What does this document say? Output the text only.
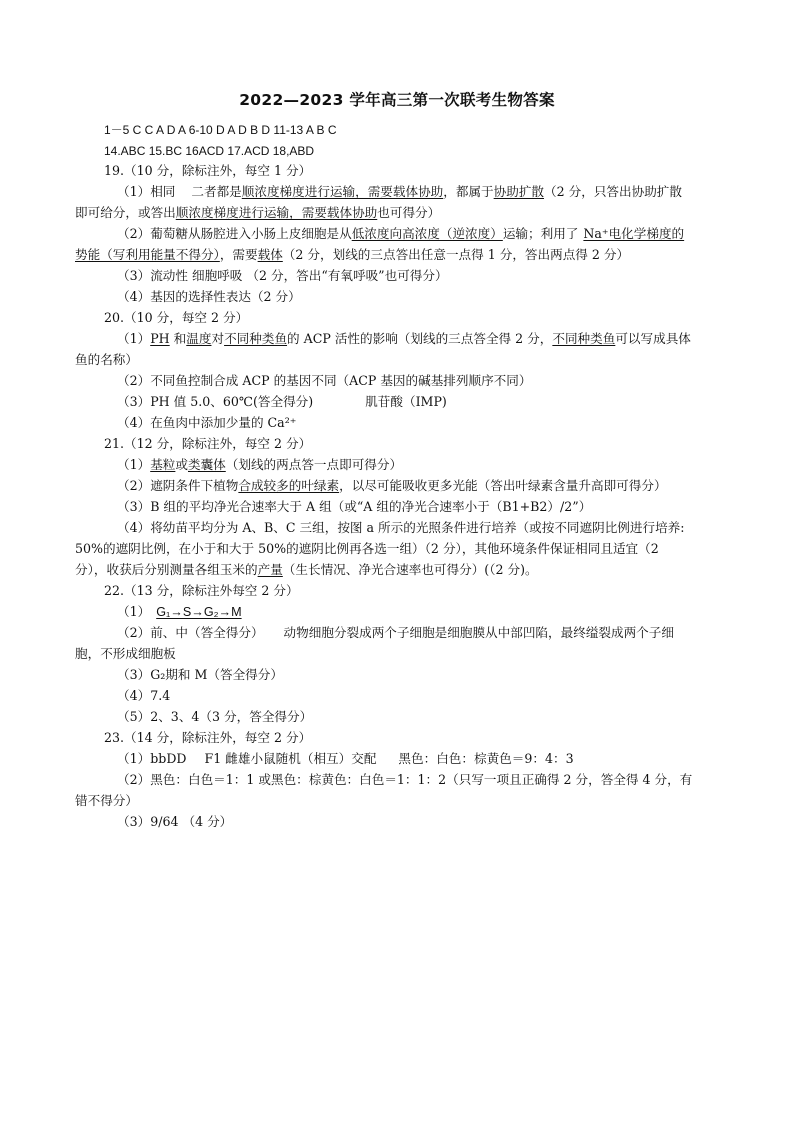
2022—2023 学年高三第一次联考生物答案
1－5 C C A D A 6-10 D A D B D 11-13 A B C
14.ABC 15.BC 16ACD 17.ACD 18,ABD
19.（10 分，除标注外，每空 1 分）
（1）相同 二者都是顺浓度梯度进行运输，需要载体协助，都属于协助扩散（2 分，只答出协助扩散
即可给分，或答出顺浓度梯度进行运输，需要载体协助也可得分）
（2）葡萄糖从肠腔进入小肠上皮细胞是从低浓度向高浓度（逆浓度）运输；利用了 Na⁺电化学梯度的
势能（写利用能量不得分），需要载体（2 分，划线的三点答出任意一点得 1 分，答出两点得 2 分）
（3）流动性 细胞呼吸 （2 分，答出“有氧呼吸”也可得分）
（4）基因的选择性表达（2 分）
20.（10 分，每空 2 分）
（1）PH 和温度对不同种类鱼的 ACP 活性的影响（划线的三点答全得 2 分，不同种类鱼可以写成具体
鱼的名称）
（2）不同鱼控制合成 ACP 的基因不同（ACP 基因的碱基排列顺序不同）
（3）PH 值 5.0、60℃(答全得分)	肌苷酸（IMP)
（4）在鱼肉中添加少量的 Ca²⁺
21.（12 分，除标注外，每空 2 分）
（1）基粒或类囊体（划线的两点答一点即可得分）
（2）遮阴条件下植物合成较多的叶绿素，以尽可能吸收更多光能（答出叶绿素含量升高即可得分）
（3）B 组的平均净光合速率大于 A 组（或“A 组的净光合速率小于（B1+B2）/2”）
（4）将幼苗平均分为 A、B、C 三组，按图 a 所示的光照条件进行培养（或按不同遮阴比例进行培养:
50%的遮阴比例，在小于和大于 50%的遮阴比例再各选一组）（2 分），其他环境条件保证相同且适宜（2
分），收获后分别测量各组玉米的产量（生长情况、净光合速率也可得分）(（2 分)。
22.（13 分，除标注外每空 2 分）
（1） G₁→S→G₂→M
（2）前、中（答全得分） 动物细胞分裂成两个子细胞是细胞膜从中部凹陷，最终缢裂成两个子细
胞，不形成细胞板
（3）G₂期和 M（答全得分）
（4）7.4
（5）2、3、4（3 分，答全得分）
23.（14 分，除标注外，每空 2 分）
（1）bbDD F1 雌雄小鼠随机（相互）交配 黑色：白色：棕黄色＝9：4：3
（2）黑色：白色＝1：1 或黑色：棕黄色：白色＝1：1：2（只写一项且正确得 2 分，答全得 4 分，有
错不得分）
（3）9/64 （4 分）
